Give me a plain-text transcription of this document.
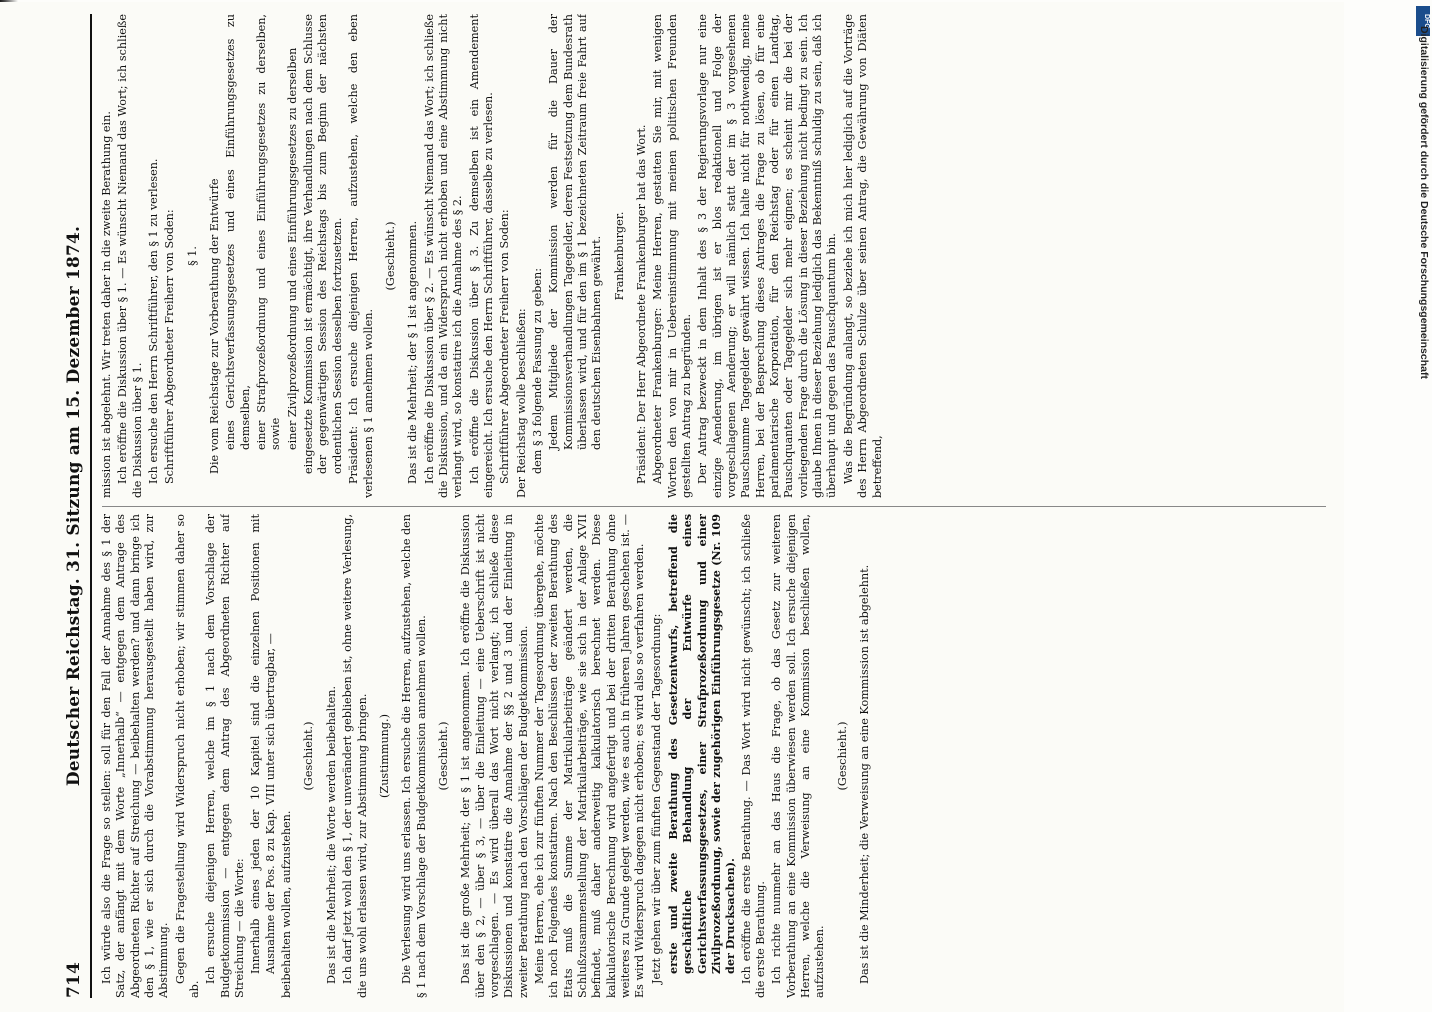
714
Deutscher Reichstag. 31. Sitzung am 15. Dezember 1874. Ich würde also die Frage so stellen: soll für den Fall der Annahme des § 1 der Satz, der anfängt mit dem Worte „Innerhalb“ — entgegen dem Antrage des Abgeordneten Richter auf Streichung — beibehalten werden? und dann bringe ich den § 1, wie er sich durch die Vorabstimmung herausgestellt haben wird, zur Abstimmung. Gegen die Fragestellung wird Widerspruch nicht erhoben; wir stimmen daher so ab.

Ich ersuche diejenigen Herren, welche im § 1 nach dem Vorschlage der Budgetkommission — entgegen dem Antrag des Abgeordneten Richter auf Streichung — die Worte: Innerhalb eines jeden der 10 Kapitel sind die einzelnen Positionen mit Ausnahme der Pos. 8 zu Kap. VIII unter sich übertragbar, — beibehalten wollen, aufzustehen.

(Geschieht.) Das ist die Mehrheit; die Worte werden beibehalten. Ich darf jetzt wohl den § 1, der unverändert geblieben ist, ohne weitere Verlesung, die uns wohl erlassen wird, zur Abstimmung bringen. (Zustimmung.) Die Verlesung wird uns erlassen. Ich ersuche die Herren, aufzustehen, welche den § 1 nach dem Vorschlage der Budgetkommission annehmen wollen. (Geschieht.) Das ist die große Mehrheit; der § 1 ist angenommen. Ich eröffne die Diskussion über den § 2, — über § 3, — über die Einleitung — eine Ueberschrift ist nicht vorgeschlagen. — Es wird überall das Wort nicht verlangt; ich schließe diese Diskussionen und konstatire die Annahme der §§ 2 und 3 und der Einleitung in zweiter Berathung nach den Vorschlägen der Budgetkommission. Meine Herren, ehe ich zur fünften Nummer der Tagesordnung übergehe, möchte ich noch Folgendes konstatiren. Nach den Beschlüssen der zweiten Berathung des Etats muß die Summe der Matrikularbeiträge geändert werden, die Schlußzusammenstellung der Matrikularbeiträge, wie sie sich in der Anlage XVII befindet, muß daher anderweitig kalkulatorisch berechnet werden. Diese kalkulatorische Berechnung wird angefertigt und bei der dritten Berathung ohne weiteres zu Grunde gelegt werden, wie es auch in früheren Jahren geschehen ist. — Es wird Widerspruch dagegen nicht erhoben; es wird also so verfahren werden. Jetzt gehen wir über zum fünften Gegenstand der Tagesordnung: erste und zweite Berathung des Gesetzentwurfs, betreffend die geschäftliche Behandlung der Entwürfe eines Gerichtsverfassungsgesetzes, einer Strafprozeßordnung und einer Zivilprozeßordnung, sowie der zugehörigen Einführungsgesetze (Nr. 109 der Drucksachen). Ich eröffne die erste Berathung. — Das Wort wird nicht gewünscht; ich schließe die erste Berathung. Ich richte nunmehr an das Haus die Frage, ob das Gesetz zur weiteren Vorberathung an eine Kommission überwiesen werden soll. Ich ersuche diejenigen Herren, welche die Verweisung an eine Kommission beschließen wollen, aufzustehen.

(Geschieht.) Das ist die Minderheit; die Verweisung an eine Kommission ist abgelehnt.

mission ist abgelehnt. Wir treten daher in die zweite Berathung ein. Ich eröffne die Diskussion über § 1. — Es wünscht Niemand das Wort; ich schließe die Diskussion über § 1. Ich ersuche den Herrn Schriftführer, den § 1 zu verlesen. Schriftführer Abgeordneter Freiherr von Soden: § 1. Die vom Reichstage zur Vorberathung der Entwürfe eines Gerichtsverfassungsgesetzes und eines Einführungsgesetzes zu demselben, einer Strafprozeßordnung und eines Einführungsgesetzes zu derselben, sowie einer Zivilprozeßordnung und eines Einführungsgesetzes zu derselben eingesetzte Kommission ist ermächtigt, ihre Verhandlungen nach dem Schlusse der gegenwärtigen Session des Reichstags bis zum Beginn der nächsten ordentlichen Session desselben fortzusetzen. Präsident: Ich ersuche diejenigen Herren, aufzustehen, welche den eben verlesenen § 1 annehmen wollen.

(Geschieht.) Das ist die Mehrheit; der § 1 ist angenommen. Ich eröffne die Diskussion über § 2. — Es wünscht Niemand das Wort; ich schließe die Diskussion, und da ein Widerspruch nicht erhoben und eine Abstimmung nicht verlangt wird, so konstatire ich die Annahme des § 2. Ich eröffne die Diskussion über § 3. Zu demselben ist ein Amendement eingereicht. Ich ersuche den Herrn Schriftführer, dasselbe zu verlesen. Schriftführer Abgeordneter Freiherr von Soden: Der Reichstag wolle beschließen: dem § 3 folgende Fassung zu geben: Jedem Mitgliede der Kommission werden für die Dauer der Kommissionsverhandlungen Tagegelder, deren Festsetzung dem Bundesrath überlassen wird, und für den im § 1 bezeichneten Zeitraum freie Fahrt auf den deutschen Eisenbahnen gewährt. Frankenburger. Präsident: Der Herr Abgeordnete Frankenburger hat das Wort. Abgeordneter Frankenburger: Meine Herren, gestatten Sie mir, mit wenigen Worten den von mir in Uebereinstimmung mit meinen politischen Freunden gestellten Antrag zu begründen. Der Antrag bezweckt in dem Inhalt des § 3 der Regierungsvorlage nur eine einzige Aenderung, im übrigen ist er blos redaktionell und Folge der vorgeschlagenen Aenderung; er will nämlich statt der im § 3 vorgesehenen Pauschsumme Tagegelder gewährt wissen. Ich halte nicht für nothwendig, meine Herren, bei der Besprechung dieses Antrages die Frage zu lösen, ob für eine parlamentarische Korporation, für den Reichstag oder für einen Landtag, Pauschquanten oder Tagegelder sich mehr eignen; es scheint mir die bei der vorliegenden Frage durch die Lösung in dieser Beziehung nicht bedingt zu sein. Ich glaube Ihnen in dieser Beziehung lediglich das Bekenntniß schuldig zu sein, daß ich überhaupt und gegen das Pauschquantum bin. Was die Begründung anlangt, so beziehe ich mich hier lediglich auf die Vorträge des Herrn Abgeordneten Schulze über seinen Antrag, die Gewährung von Diäten betreffend,

DFG
Digitalisierung gefördert durch die Deutsche Forschungsgemeinschaft
